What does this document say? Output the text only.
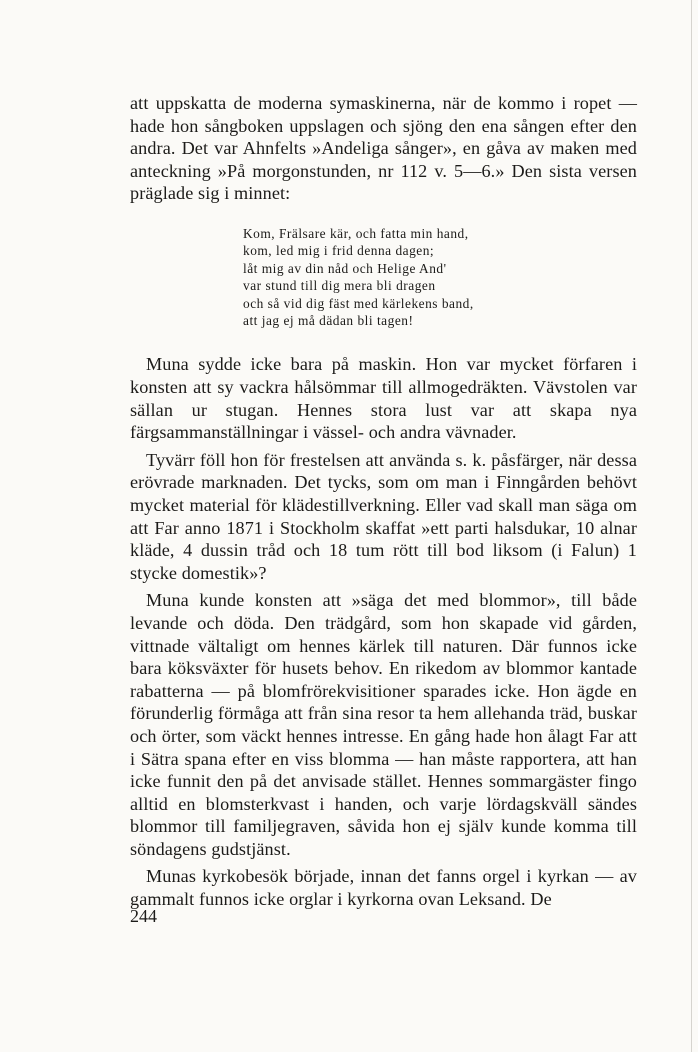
att uppskatta de moderna symaskinerna, när de kommo i ropet — hade hon sångboken uppslagen och sjöng den ena sången efter den andra. Det var Ahnfelts »Andeliga sånger», en gåva av maken med anteckning »På morgonstunden, nr 112 v. 5—6.» Den sista versen präglade sig i minnet:

Kom, Frälsare kär, och fatta min hand,
kom, led mig i frid denna dagen;
låt mig av din nåd och Helige And'
var stund till dig mera bli dragen
och så vid dig fäst med kärlekens band,
att jag ej må dädan bli tagen!

Muna sydde icke bara på maskin. Hon var mycket förfaren i konsten att sy vackra hålsömmar till allmogedräkten. Vävstolen var sällan ur stugan. Hennes stora lust var att skapa nya färgsammanställningar i vässel- och andra vävnader.

Tyvärr föll hon för frestelsen att använda s. k. påsfärger, när dessa erövrade marknaden. Det tycks, som om man i Finngården behövt mycket material för klädestillverkning. Eller vad skall man säga om att Far anno 1871 i Stockholm skaffat »ett parti halsdukar, 10 alnar kläde, 4 dussin tråd och 18 tum rött till bod liksom (i Falun) 1 stycke domestik»?

Muna kunde konsten att »säga det med blommor», till både levande och döda. Den trädgård, som hon skapade vid gården, vittnade vältaligt om hennes kärlek till naturen. Där funnos icke bara köksväxter för husets behov. En rikedom av blommor kantade rabatterna — på blomfrörekvisitioner sparades icke. Hon ägde en förunderlig förmåga att från sina resor ta hem allehanda träd, buskar och örter, som väckt hennes intresse. En gång hade hon ålagt Far att i Sätra spana efter en viss blomma — han måste rapportera, att han icke funnit den på det anvisade stället. Hennes sommargäster fingo alltid en blomsterkvast i handen, och varje lördagskväll sändes blommor till familjegraven, såvida hon ej själv kunde komma till söndagens gudstjänst.

Munas kyrkobesök började, innan det fanns orgel i kyrkan — av gammalt funnos icke orglar i kyrkorna ovan Leksand. De

244
